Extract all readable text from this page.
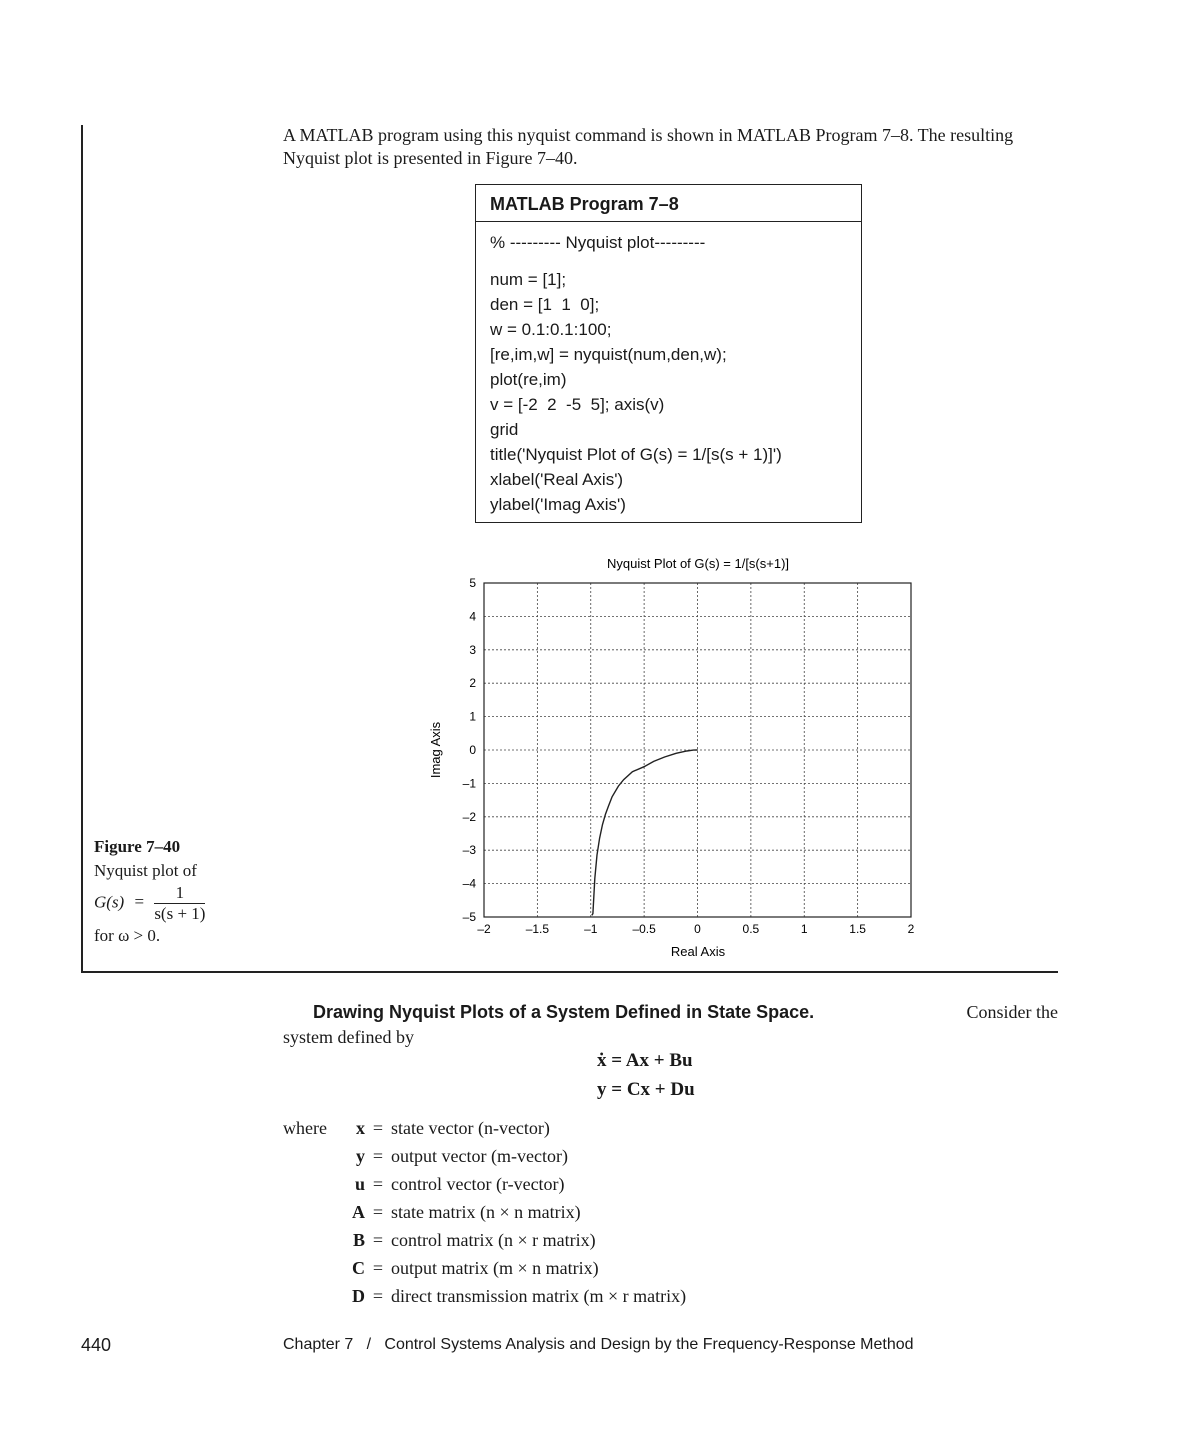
A MATLAB program using this nyquist command is shown in MATLAB Program 7–8. The resulting Nyquist plot is presented in Figure 7–40.
MATLAB Program 7–8
% --------- Nyquist plot---------
num = [1];
den = [1  1  0];
w = 0.1:0.1:100;
[re,im,w] = nyquist(num,den,w);
plot(re,im)
v = [-2  2  -5  5]; axis(v)
grid
title('Nyquist Plot of G(s) = 1/[s(s + 1)]')
xlabel('Real Axis')
ylabel('Imag Axis')
Nyquist Plot of G(s) = 1/[s(s+1)]
–2	–1.5	–1	–0.5	0	0.5	1	1.5	2
5
4
3
2
1
0
–1
–2
–3
–4
–5
Real Axis
Imag Axis
Figure 7–40
Nyquist plot of
$G(s) = \frac{1}{s(s + 1)}$
for ω > 0.
Drawing Nyquist Plots of a System Defined in State Space.	Consider the
system defined by
ẋ = Ax + Bu
y = Cx + Du
where x = state vector (n-vector)
y = output vector (m-vector)
u = control vector (r-vector)
A = state matrix (n × n matrix)
B = control matrix (n × r matrix)
C = output matrix (m × n matrix)
D = direct transmission matrix (m × r matrix)
440	Chapter 7   /   Control Systems Analysis and Design by the Frequency-Response Method
